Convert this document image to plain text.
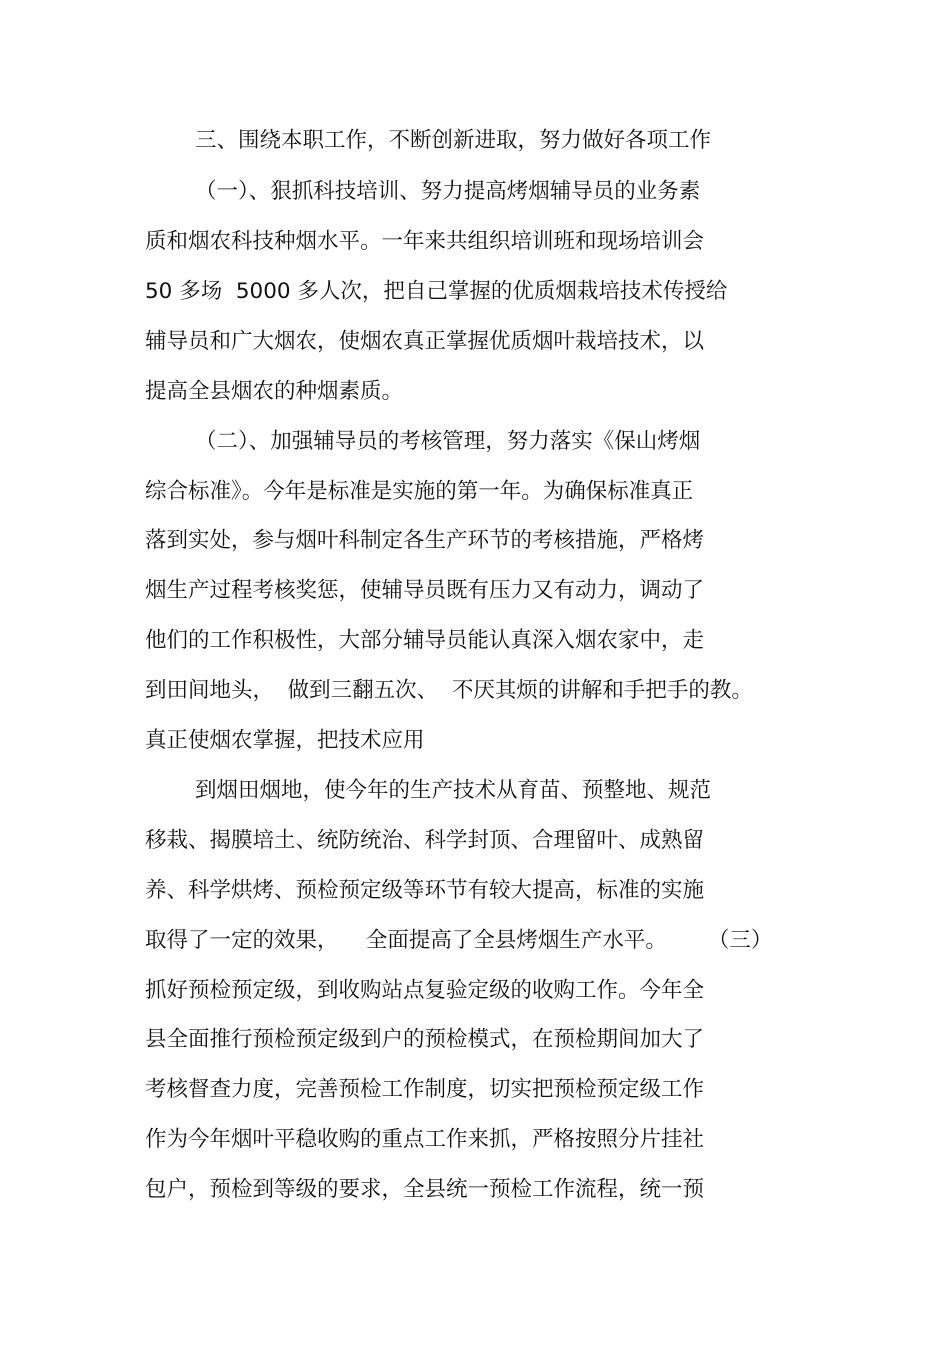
三、围绕本职工作，不断创新进取，努力做好各项工作
（一）、狠抓科技培训、努力提高烤烟辅导员的业务素
质和烟农科技种烟水平。一年来共组织培训班和现场培训会
50 多场  5000 多人次，把自己掌握的优质烟栽培技术传授给
辅导员和广大烟农，使烟农真正掌握优质烟叶栽培技术，以
提高全县烟农的种烟素质。
（二）、加强辅导员的考核管理，努力落实《保山烤烟
综合标准》。今年是标准是实施的第一年。为确保标准真正
落到实处，参与烟叶科制定各生产环节的考核措施，严格烤
烟生产过程考核奖惩，使辅导员既有压力又有动力，调动了
他们的工作积极性，大部分辅导员能认真深入烟农家中，走
到田间地头，  做到三翻五次、  不厌其烦的讲解和手把手的教。
真正使烟农掌握，把技术应用
到烟田烟地，使今年的生产技术从育苗、预整地、规范
移栽、揭膜培土、统防统治、科学封顶、合理留叶、成熟留
养、科学烘烤、预检预定级等环节有较大提高，标准的实施
取得了一定的效果，    全面提高了全县烤烟生产水平。      （三）
抓好预检预定级，到收购站点复验定级的收购工作。今年全
县全面推行预检预定级到户的预检模式，在预检期间加大了
考核督查力度，完善预检工作制度，切实把预检预定级工作
作为今年烟叶平稳收购的重点工作来抓，严格按照分片挂社
包户，预检到等级的要求，全县统一预检工作流程，统一预
